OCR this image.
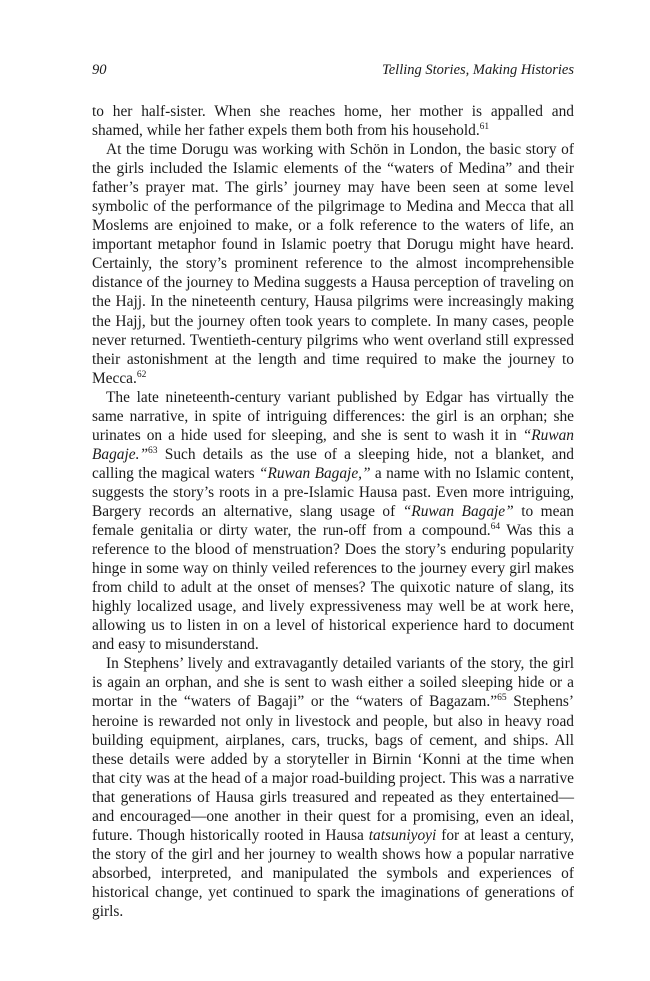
90	Telling Stories, Making Histories

to her half-sister. When she reaches home, her mother is appalled and shamed, while her father expels them both from his household.$^{61}$

At the time Dorugu was working with Schön in London, the basic story of the girls included the Islamic elements of the “waters of Medina” and their father’s prayer mat. The girls’ journey may have been seen at some level symbolic of the performance of the pilgrimage to Medina and Mecca that all Moslems are enjoined to make, or a folk reference to the waters of life, an important metaphor found in Islamic poetry that Dorugu might have heard. Certainly, the story’s prominent reference to the almost incomprehensible distance of the journey to Medina suggests a Hausa perception of traveling on the Hajj. In the nineteenth century, Hausa pilgrims were increasingly making the Hajj, but the journey often took years to complete. In many cases, people never returned. Twentieth-century pilgrims who went overland still expressed their astonishment at the length and time required to make the journey to Mecca.$^{62}$

The late nineteenth-century variant published by Edgar has virtually the same narrative, in spite of intriguing differences: the girl is an orphan; she urinates on a hide used for sleeping, and she is sent to wash it in “Ruwan Bagaje.”$^{63}$ Such details as the use of a sleeping hide, not a blanket, and calling the magical waters “Ruwan Bagaje,” a name with no Islamic content, suggests the story’s roots in a pre-Islamic Hausa past. Even more intriguing, Bargery records an alternative, slang usage of “Ruwan Bagaje” to mean female genitalia or dirty water, the run-off from a compound.$^{64}$ Was this a reference to the blood of menstruation? Does the story’s enduring popularity hinge in some way on thinly veiled references to the journey every girl makes from child to adult at the onset of menses? The quixotic nature of slang, its highly localized usage, and lively expressiveness may well be at work here, allowing us to listen in on a level of historical experience hard to document and easy to misunderstand.

In Stephens’ lively and extravagantly detailed variants of the story, the girl is again an orphan, and she is sent to wash either a soiled sleeping hide or a mortar in the “waters of Bagaji” or the “waters of Bagazam.”$^{65}$ Stephens’ heroine is rewarded not only in livestock and people, but also in heavy road building equipment, airplanes, cars, trucks, bags of cement, and ships. All these details were added by a storyteller in Birnin ‘Konni at the time when that city was at the head of a major road-building project. This was a narrative that generations of Hausa girls treasured and repeated as they entertained—and encouraged—one another in their quest for a promising, even an ideal, future. Though historically rooted in Hausa tatsuniyoyi for at least a century, the story of the girl and her journey to wealth shows how a popular narrative absorbed, interpreted, and manipulated the symbols and experiences of historical change, yet continued to spark the imaginations of generations of girls.
